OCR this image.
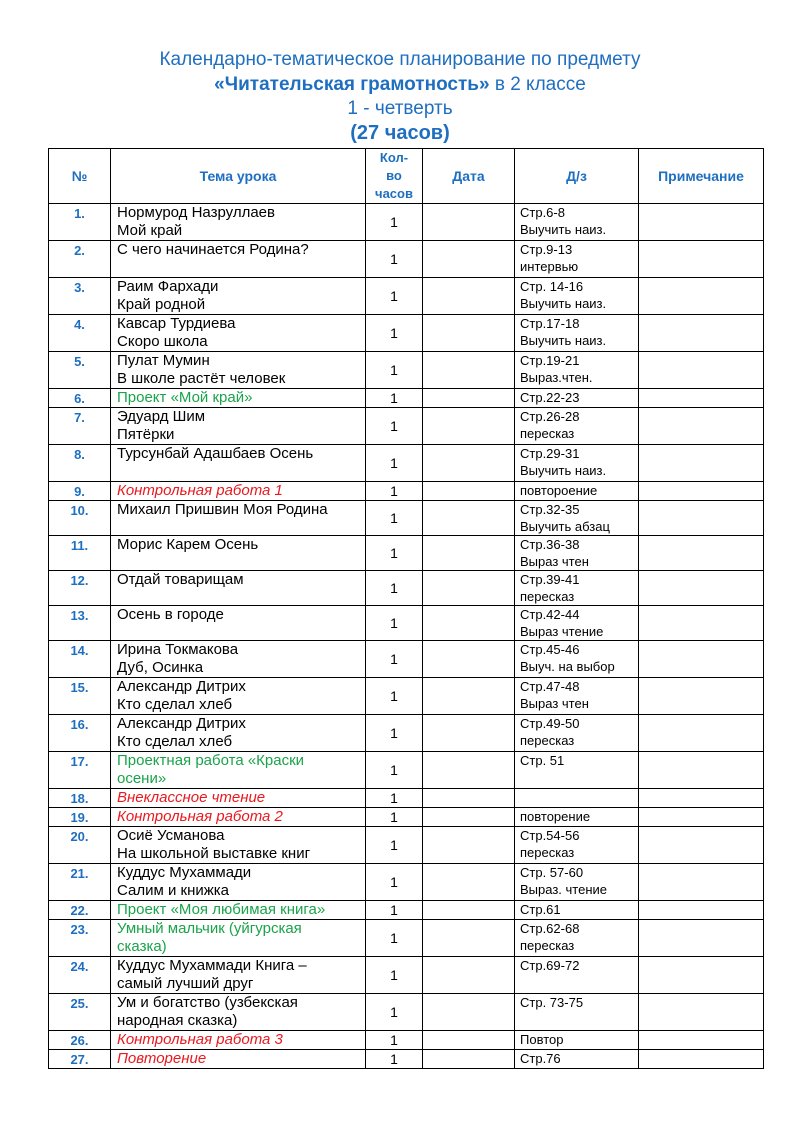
Календарно-тематическое планирование по предмету
«Читательская грамотность» в 2 классе
1 - четверть
(27 часов)
№	Тема урока	Кол-
во
часов	Дата	Д/з	Примечание
1.	Нормурод Назруллаев
Мой край	1		Стр.6-8
Выучить наиз.	
2.	С чего начинается Родина?	1		Стр.9-13
интервью	
3.	Раим Фархади
Край родной	1		Стр. 14-16
Выучить наиз.	
4.	Кавсар Турдиева
Скоро школа	1		Стр.17-18
Выучить наиз.	
5.	Пулат Мумин
В школе растёт человек	1		Стр.19-21
Выраз.чтен.	
6.	Проект «Мой край»	1		Стр.22-23	
7.	Эдуард Шим
Пятёрки	1		Стр.26-28
пересказ	
8.	Турсунбай Адашбаев Осень	1		Стр.29-31
Выучить наиз.	
9.	Контрольная работа 1	1		повтороение	
10.	Михаил Пришвин Моя Родина	1		Стр.32-35
Выучить абзац	
11.	Морис Карем Осень	1		Стр.36-38
Выраз чтен	
12.	Отдай товарищам	1		Стр.39-41
пересказ	
13.	Осень в городе	1		Стр.42-44
Выраз чтение	
14.	Ирина Токмакова
Дуб, Осинка	1		Стр.45-46
Выуч. на выбор	
15.	Александр Дитрих
Кто сделал хлеб	1		Стр.47-48
Выраз чтен	
16.	Александр Дитрих
Кто сделал хлеб	1		Стр.49-50
пересказ	
17.	Проектная работа «Краски
осени»	1		Стр. 51	
18.	Внеклассное чтение	1			
19.	Контрольная работа 2	1		повторение	
20.	Осиё Усманова
На школьной выставке книг	1		Стр.54-56
пересказ	
21.	Куддус Мухаммади
Салим и книжка	1		Стр. 57-60
Выраз. чтение	
22.	Проект «Моя любимая книга»	1		Стр.61	
23.	Умный мальчик (уйгурская
сказка)	1		Стр.62-68
пересказ	
24.	Куддус Мухаммади Книга –
самый лучший друг	1		Стр.69-72	
25.	Ум и богатство (узбекская
народная сказка)	1		Стр. 73-75	
26.	Контрольная работа 3	1		Повтор	
27.	Повторение	1		Стр.76	
